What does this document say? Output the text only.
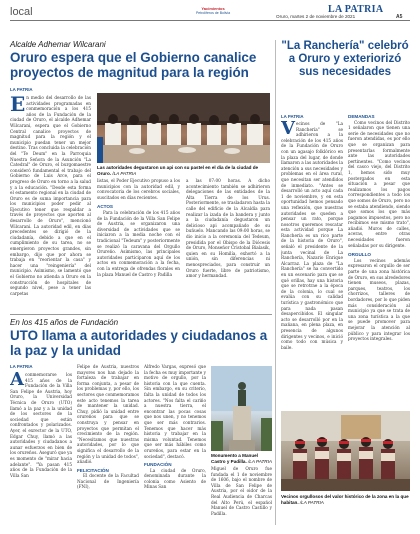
local	Yacimientos
Petrolíferos de Bolivia	LA PATRIA
Oruro, martes 2 de noviembre de 2021	A5
Alcalde Adhemar Wilcarani
Oruro espera que el Gobierno canalice proyectos de magnitud para la región
LA PATRIA
En medio del desarrollo de las actividades programadas en conmemoración a los 415 años de la Fundación de la ciudad de Oruro, el alcalde Adhemar Wilcarani, espera que el Gobierno Central canalice proyectos de magnitud para la región y el municipio puedan tener un mejor destino. Tras concluida la celebración del "Te Deum" en la Parroquia Nuestra Señora de la Asunción "La Catedral" de Oruro, el burgomaestre consideró fundamental el trabajo del Gobierno de Luis Arce, para el progreso de Oruro en torno a la salud y a la educación. "Desde esta forma el estamento regional en la ciudad de Oruro es de suma importancia para los municipios poder pedir al Ejecutivo tener que respaldar a través de proyectos que aporten al desarrollo de Oruro", mencionó Wilcarani. La autoridad edil, en días precedentes se dirigió de la ciudadanía, debido a que en el cumplimiento de su tarea, no se emergieron proyectos grandes, sin embargo, dijo que por ahora se trabaja en "reorientar la casa" y hacer una "reingeniería" del municipio. Asimismo, se lamentó que el Gobierno no atienda a Oruro en la construcción de hospitales de segundo nivel, pese a tener las carpetas
Las autoridades degustaron un api con su pastel en el día de la ciudad de Oruro. /LA PATRIA
listas, el Poder Ejecutivo propuso a los municipios con la autoridad edil, y convocatoria de los cerebros sociales, suscitados en días recientes.
ACTOS
Para la celebración de los 415 años de la Fundación de la Villa San Felipe de Austria, se organizaron una diversidad de actividades que se iniciaron a la media noche con el tradicional "Tedeum" y posteriormente se realizó la caravana del Orgullo Orureño. Asimismo, las principales autoridades participaron aquí de los actos en conmemoración a la fecha, con la entrega de ofrendas florales en la plaza Manuel de Castro y Padilla
a las 07:00 horas. A dicho acontecimiento también se adhirieron delegaciones de las entidades de la Alta Tierra de los Urus. Posteriormente, se trasladaron hasta la calle del edificio de la Alcaldía para realizar la izada de la bandera y junto a la ciudadanía degustaron un delicioso api acompañado de su buñuelo. Mancando las 09:00 horas, se dio inicio a la ceremonia del Tedeum, presidida por el Obispo de la Diócesis de Oruro, Monseñor Cristobal Bialasik, quien en su Homilía, exhortó a la unión, sin diferencias ni menospreciados, para construir un Oruro fuerte, libre de patriotismo, amor y hermandad.
"La Ranchería" celebró a Oruro y exteriorizó sus necesidades
LA PATRIA
Vecinos de "La Ranchería" se adhirieron a la celebración de los 415 años de la Fundación de Oruro con un agasajo folklórico en la plaza del lugar, de donde llamaron a las autoridades la atención a sus necesidades y problemas en el área rural, que necesitan ser atendidos de inmediato. "Antes se desarrolló un acto aquí cada 1 de noviembre, y en esta oportunidad hemos pensado una reflexión, que nuestras autoridades se queden a pensar un rato, porque nosotros queremos rescatar esta actividad porque La Ranchería es un rico parte de la historia de Oruro", señaló el presidente de la junta vecinal de La Ranchería, Nazario Enrique Alcarraz. La plaza de "La Ranchería" se ha convertido en un escenario para que se qué orillas, hay una historia que se retrotrae a la época de la colonia, lo cual se evalúa con su calidad turística y gastronómico que para nada pasan desapercibidos. El singular acto se desarrolló por en la mañana, en plena plaza, en presencia de algunos dirigentes y vecinos, e inició como todo con música y baile.
DEMANDAS
Como vecinos del Distrito 1 señalaron que tienen una serie de necesidades que no fueron atendidas, es por ello que se organizan para presentarlas formalmente ante las autoridades pertinentes. "Como vecinos del casco viejo, del Distrito 1, hemos sido muy postergados en esta situación a pesar que realizamos los pagos correspondientes a todo los que somos de Oruro, pero no se estaba atendiendo, siendo que somos los que más pagamos impuestos, pero no recibimos ese mismo trato", añadió. Muros de calles, aceras, entre otras necesidades fueron señaladas por su dirigente.
ORGULLO
Los vecinos además expresaron el orgullo de ser parte de una zona histórica de Oruro, en sus alrededores tienen museos, plazas, parques, teatros, los chorrizos, talleres de bordadores, por lo que piden más consideración al municipio ya que se trata de una zona turística a la que se puede promover para mejorar la atención al público y para integrar los proyectos integrales.
Vecinos orgullosos del valor histórico de la zona en la que habitan. /LA PATRIA
En los 415 años de Fundación
UTO llama a autoridades y ciudadanos a la paz y la unidad
LA PATRIA
A conmemorarse los 415 años de la Fundación de la Villa San Felipe de Austria, hoy Oruro, la Universidad Técnica de Oruro (UTO) llamó a la paz y a la unidad de los sectores de la sociedad que están confrontados y polarizados. Ayer, el exrector de la UTO, Edgar Chuy, llamó a las autoridades y ciudadanos a aunar esfuerzos en bien de los orureños. Aseguró que ya es momento de "mirar hacia adelante". "Ya pasan 415 años de la Fundación de la Villa San
Felipe de Austria, nuestros mayores nos han dejado la fortaleza de trabajar en forma conjunta, a pesar de los problemas y, por ello, los sectores que conmemoramos este acto tenemos la tarea de mantener la unidad. Chuy, pidió la unidad entre orureños para que se construya y pensar en proyectos que permitan el crecimiento de la región. "Necesitamos que nuestras autoridades, por lo que significa el desarrollo de la región y la unidad de todos", añadió.
FELICITACIÓN
El docente de la Facultad Nacional de Ingeniería (FNI),
Alfredo Vargas, expresó que la fecha es muy importante y motivo de orgullo, por la historia con la que cuenta. Sin embargo, en su criterio, falta la unidad de todos los actores. "Nos falta el cariño a nuestra tierra, el encontrar las pocas cosas que nos unen, y no tenemos que ser más contrarios. Tenemos que hacer más historia y trabajar en la misma voluntad. Tenemos que ser más hábiles como orureños, para estar en la sociedad", destacó.
FUNDACIÓN
La ciudad de Oruro, denominada durante la colonia como Asiento de Minas San
Monumento a Manuel Castro y Padilla. /LA PATRIA
Miguel de Oruro fue fundada el 1 de noviembre de 1606, bajo el nombre de Villa de San Felipe de Austria, por el oidor de la Real Audiencia de Charcas del Alto Perú, el español Manuel de Castro Castillo y Padilla.
